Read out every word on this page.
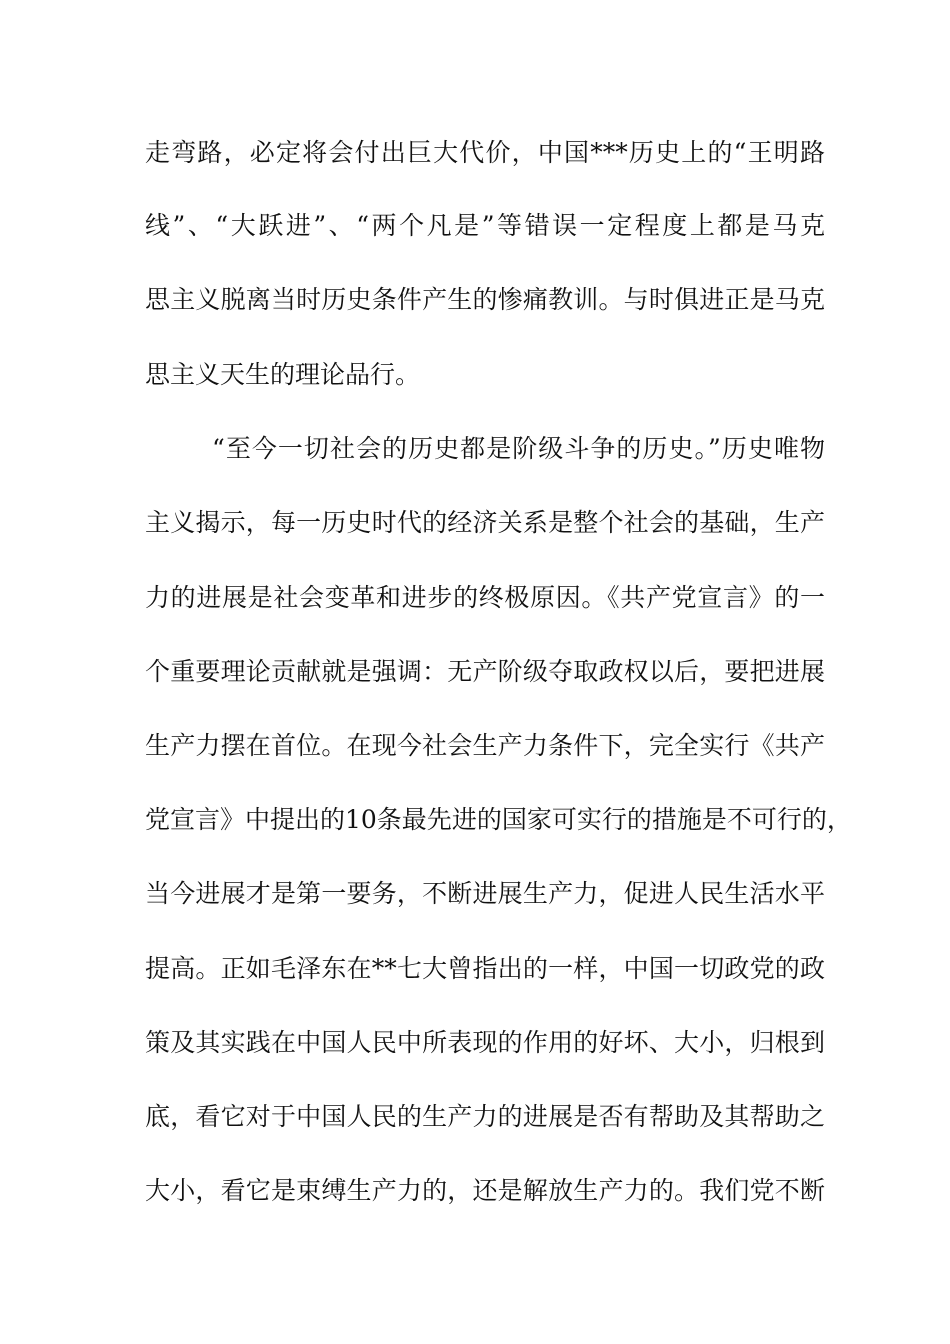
走弯路，必定将会付出巨大代价，中国***历史上的“王明路
线”、“大跃进”、“两个凡是”等错误一定程度上都是马克
思主义脱离当时历史条件产生的惨痛教训。与时俱进正是马克
思主义天生的理论品行。
“至今一切社会的历史都是阶级斗争的历史。”历史唯物
主义揭示，每一历史时代的经济关系是整个社会的基础，生产
力的进展是社会变革和进步的终极原因。《共产党宣言》的一
个重要理论贡献就是强调：无产阶级夺取政权以后，要把进展
生产力摆在首位。在现今社会生产力条件下，完全实行《共产
党宣言》中提出的10条最先进的国家可实行的措施是不可行的，
当今进展才是第一要务，不断进展生产力，促进人民生活水平
提高。正如毛泽东在**七大曾指出的一样，中国一切政党的政
策及其实践在中国人民中所表现的作用的好坏、大小，归根到
底，看它对于中国人民的生产力的进展是否有帮助及其帮助之
大小，看它是束缚生产力的，还是解放生产力的。我们党不断
